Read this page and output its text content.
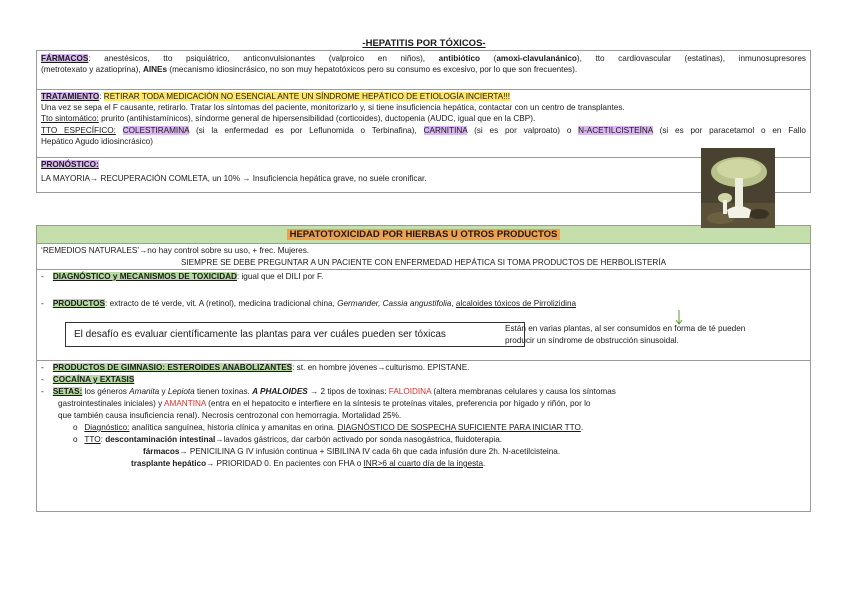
-HEPATITIS POR TÓXICOS-
FÁRMACOS: anestésicos, tto psiquiátrico, anticonvulsionantes (valproico en niños), antibiótico (amoxi-clavulanánico), tto cardiovascular (estatinas), inmunosupresores
(metrotexato y azatioprina), AINEs (mecanismo idiosincrásico, no son muy hepatotóxicos pero su consumo es excesivo, por lo que son frecuentes).
TRATAMIENTO: RETIRAR TODA MEDICACIÓN NO ESENCIAL ANTE UN SÍNDROME HEPÁTICO DE ETIOLOGÍA INCIERTA!!!
Una vez se sepa el F causante, retirarlo. Tratar los síntomas del paciente, monitorizarlo y, si tiene insuficiencia hepática, contactar con un centro de transplantes.
Tto sintomático: prurito (antihistamínicos), síndorme general de hipersensibilidad (corticoides), ductopenia (AUDC, igual que en la CBP).
TTO ESPECÍFICO: COLESTIRAMINA (si la enfermedad es por Leflunomida o Terbinafina), CARNITINA (si es por valproato) o N-ACETILCISTEÍNA (si es por paracetamol o en Fallo
Hepático Agudo idiosincrásico)
PRONÓSTICO:
LA MAYORIA→ RECUPERACIÓN COMLETA, un 10% → Insuficiencia hepática grave, no suele cronificar.
HEPATOTOXICIDAD POR HIERBAS U OTROS PRODUCTOS
‘REMEDIOS NATURALES’→no hay control sobre su uso, + frec. Mujeres.
SIEMPRE SE DEBE PREGUNTAR A UN PACIENTE CON ENFERMEDAD HEPÁTICA SI TOMA PRODUCTOS DE HERBOLISTERÍA
- DIAGNÓSTICO y MECANISMOS DE TOXICIDAD: igual que el DILI por F.
- PRODUCTOS: extracto de té verde, vit. A (retinol), medicina tradicional china, Germander, Cassia angustifolia, alcaloides tóxicos de Pirrolizidina
El desafío es evaluar científicamente las plantas para ver cuáles pueden ser tóxicas
Están en varias plantas, al ser consumidos en forma de té pueden
producir un síndrome de obstrucción sinusoidal.
- PRODUCTOS DE GIMNASIO: ESTEROIDES ANABOLIZANTES: st. en hombre jóvenes→culturismo. EPISTANE.
- COCAÍNA y EXTASIS
- SETAS: los géneros Amanita y Lepiota tienen toxinas. A PHALOIDES → 2 tipos de toxinas: FALOIDINA (altera membranas celulares y causa los síntomas
gastrointestinales iniciales) y AMANTINA (entra en el hepatocito e interfiere en la síntesis te proteínas vitales, preferencia por hígado y riñón, por lo
que también causa insuficiencia renal). Necrosis centrozonal con hemorragia. Mortalidad 25%.
o Diagnóstico: analítica sanguínea, historia clínica y amanitas en orina. DIAGNÓSTICO DE SOSPECHA SUFICIENTE PARA INICIAR TTO.
o TTO: descontaminación intestinal→lavados gástricos, dar carbón activado por sonda nasogástrica, fluidoterapia.
fármacos→ PENICILINA G IV infusión continua + SIBILINA IV cada 6h que cada infusión dure 2h. N-acetilcisteina.
trasplante hepático→ PRIORIDAD 0. En pacientes con FHA o INR>6 al cuarto día de la ingesta.
